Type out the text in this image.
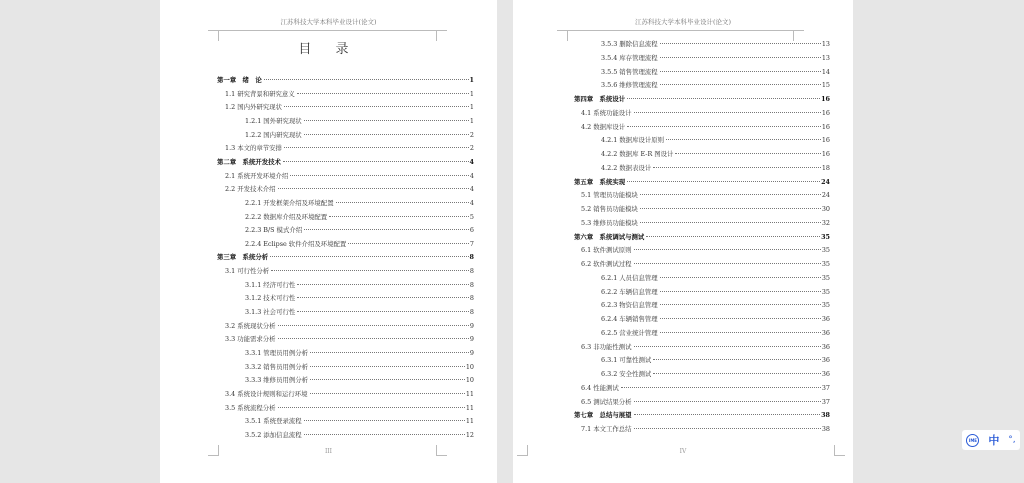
江苏科技大学本科毕业设计(论文)
目 录
III
第一章　绪　论	1
1.1 研究背景和研究意义	1
1.2 国内外研究现状	1
1.2.1 国外研究现状	1
1.2.2 国内研究现状	2
1.3 本文的章节安排	2
第二章　系统开发技术	4
2.1 系统开发环境介绍	4
2.2 开发技术介绍	4
2.2.1 开发框架介绍及环境配置	4
2.2.2 数据库介绍及环境配置	5
2.2.3 B/S 模式介绍	6
2.2.4 Eclipse 软件介绍及环境配置	7
第三章　系统分析	8
3.1 可行性分析	8
3.1.1 经济可行性	8
3.1.2 技术可行性	8
3.1.3 社会可行性	8
3.2 系统现状分析	9
3.3 功能需求分析	9
3.3.1 管理员用例分析	9
3.3.2 销售员用例分析	10
3.3.3 维修员用例分析	10
3.4 系统设计规则和运行环境	11
3.5 系统流程分析	11
3.5.1 系统登录流程	11
3.5.2 添加信息流程	12
江苏科技大学本科毕业设计(论文)
IV
3.5.3 删除信息流程	13
3.5.4 库存管理流程	13
3.5.5 销售管理流程	14
3.5.6 维修管理流程	15
第四章　系统设计	16
4.1 系统功能设计	16
4.2 数据库设计	16
4.2.1 数据库设计原则	16
4.2.2 数据库 E-R 图设计	16
4.2.2 数据表设计	18
第五章　系统实现	24
5.1 管理员功能模块	24
5.2 销售员功能模块	30
5.3 维修员功能模块	32
第六章　系统调试与测试	35
6.1 软件测试原则	35
6.2 软件测试过程	35
6.2.1 人员信息管理	35
6.2.2 车辆信息管理	35
6.2.3 物资信息管理	35
6.2.4 车辆销售管理	36
6.2.5 营业统计管理	36
6.3 非功能性测试	36
6.3.1 可靠性测试	36
6.3.2 安全性测试	36
6.4 性能测试	37
6.5 测试结果分析	37
第七章　总结与展望	38
7.1 本文工作总结	38
IME 中 °,
